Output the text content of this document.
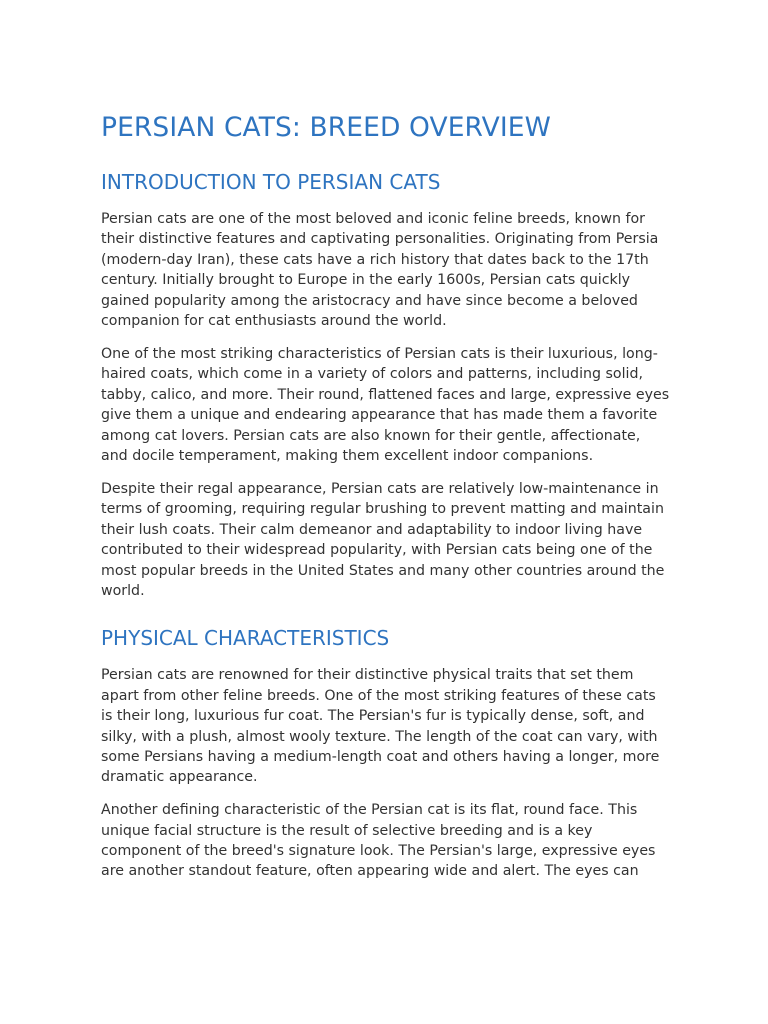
PERSIAN CATS: BREED OVERVIEW
INTRODUCTION TO PERSIAN CATS

Persian cats are one of the most beloved and iconic feline breeds, known for their distinctive features and captivating personalities. Originating from Persia (modern-day Iran), these cats have a rich history that dates back to the 17th century. Initially brought to Europe in the early 1600s, Persian cats quickly gained popularity among the aristocracy and have since become a beloved companion for cat enthusiasts around the world.

One of the most striking characteristics of Persian cats is their luxurious, long-haired coats, which come in a variety of colors and patterns, including solid, tabby, calico, and more. Their round, flattened faces and large, expressive eyes give them a unique and endearing appearance that has made them a favorite among cat lovers. Persian cats are also known for their gentle, affectionate, and docile temperament, making them excellent indoor companions.

Despite their regal appearance, Persian cats are relatively low-maintenance in terms of grooming, requiring regular brushing to prevent matting and maintain their lush coats. Their calm demeanor and adaptability to indoor living have contributed to their widespread popularity, with Persian cats being one of the most popular breeds in the United States and many other countries around the world.

PHYSICAL CHARACTERISTICS

Persian cats are renowned for their distinctive physical traits that set them apart from other feline breeds. One of the most striking features of these cats is their long, luxurious fur coat. The Persian's fur is typically dense, soft, and silky, with a plush, almost wooly texture. The length of the coat can vary, with some Persians having a medium-length coat and others having a longer, more dramatic appearance.

Another defining characteristic of the Persian cat is its flat, round face. This unique facial structure is the result of selective breeding and is a key component of the breed's signature look. The Persian's large, expressive eyes are another standout feature, often appearing wide and alert. The eyes can
